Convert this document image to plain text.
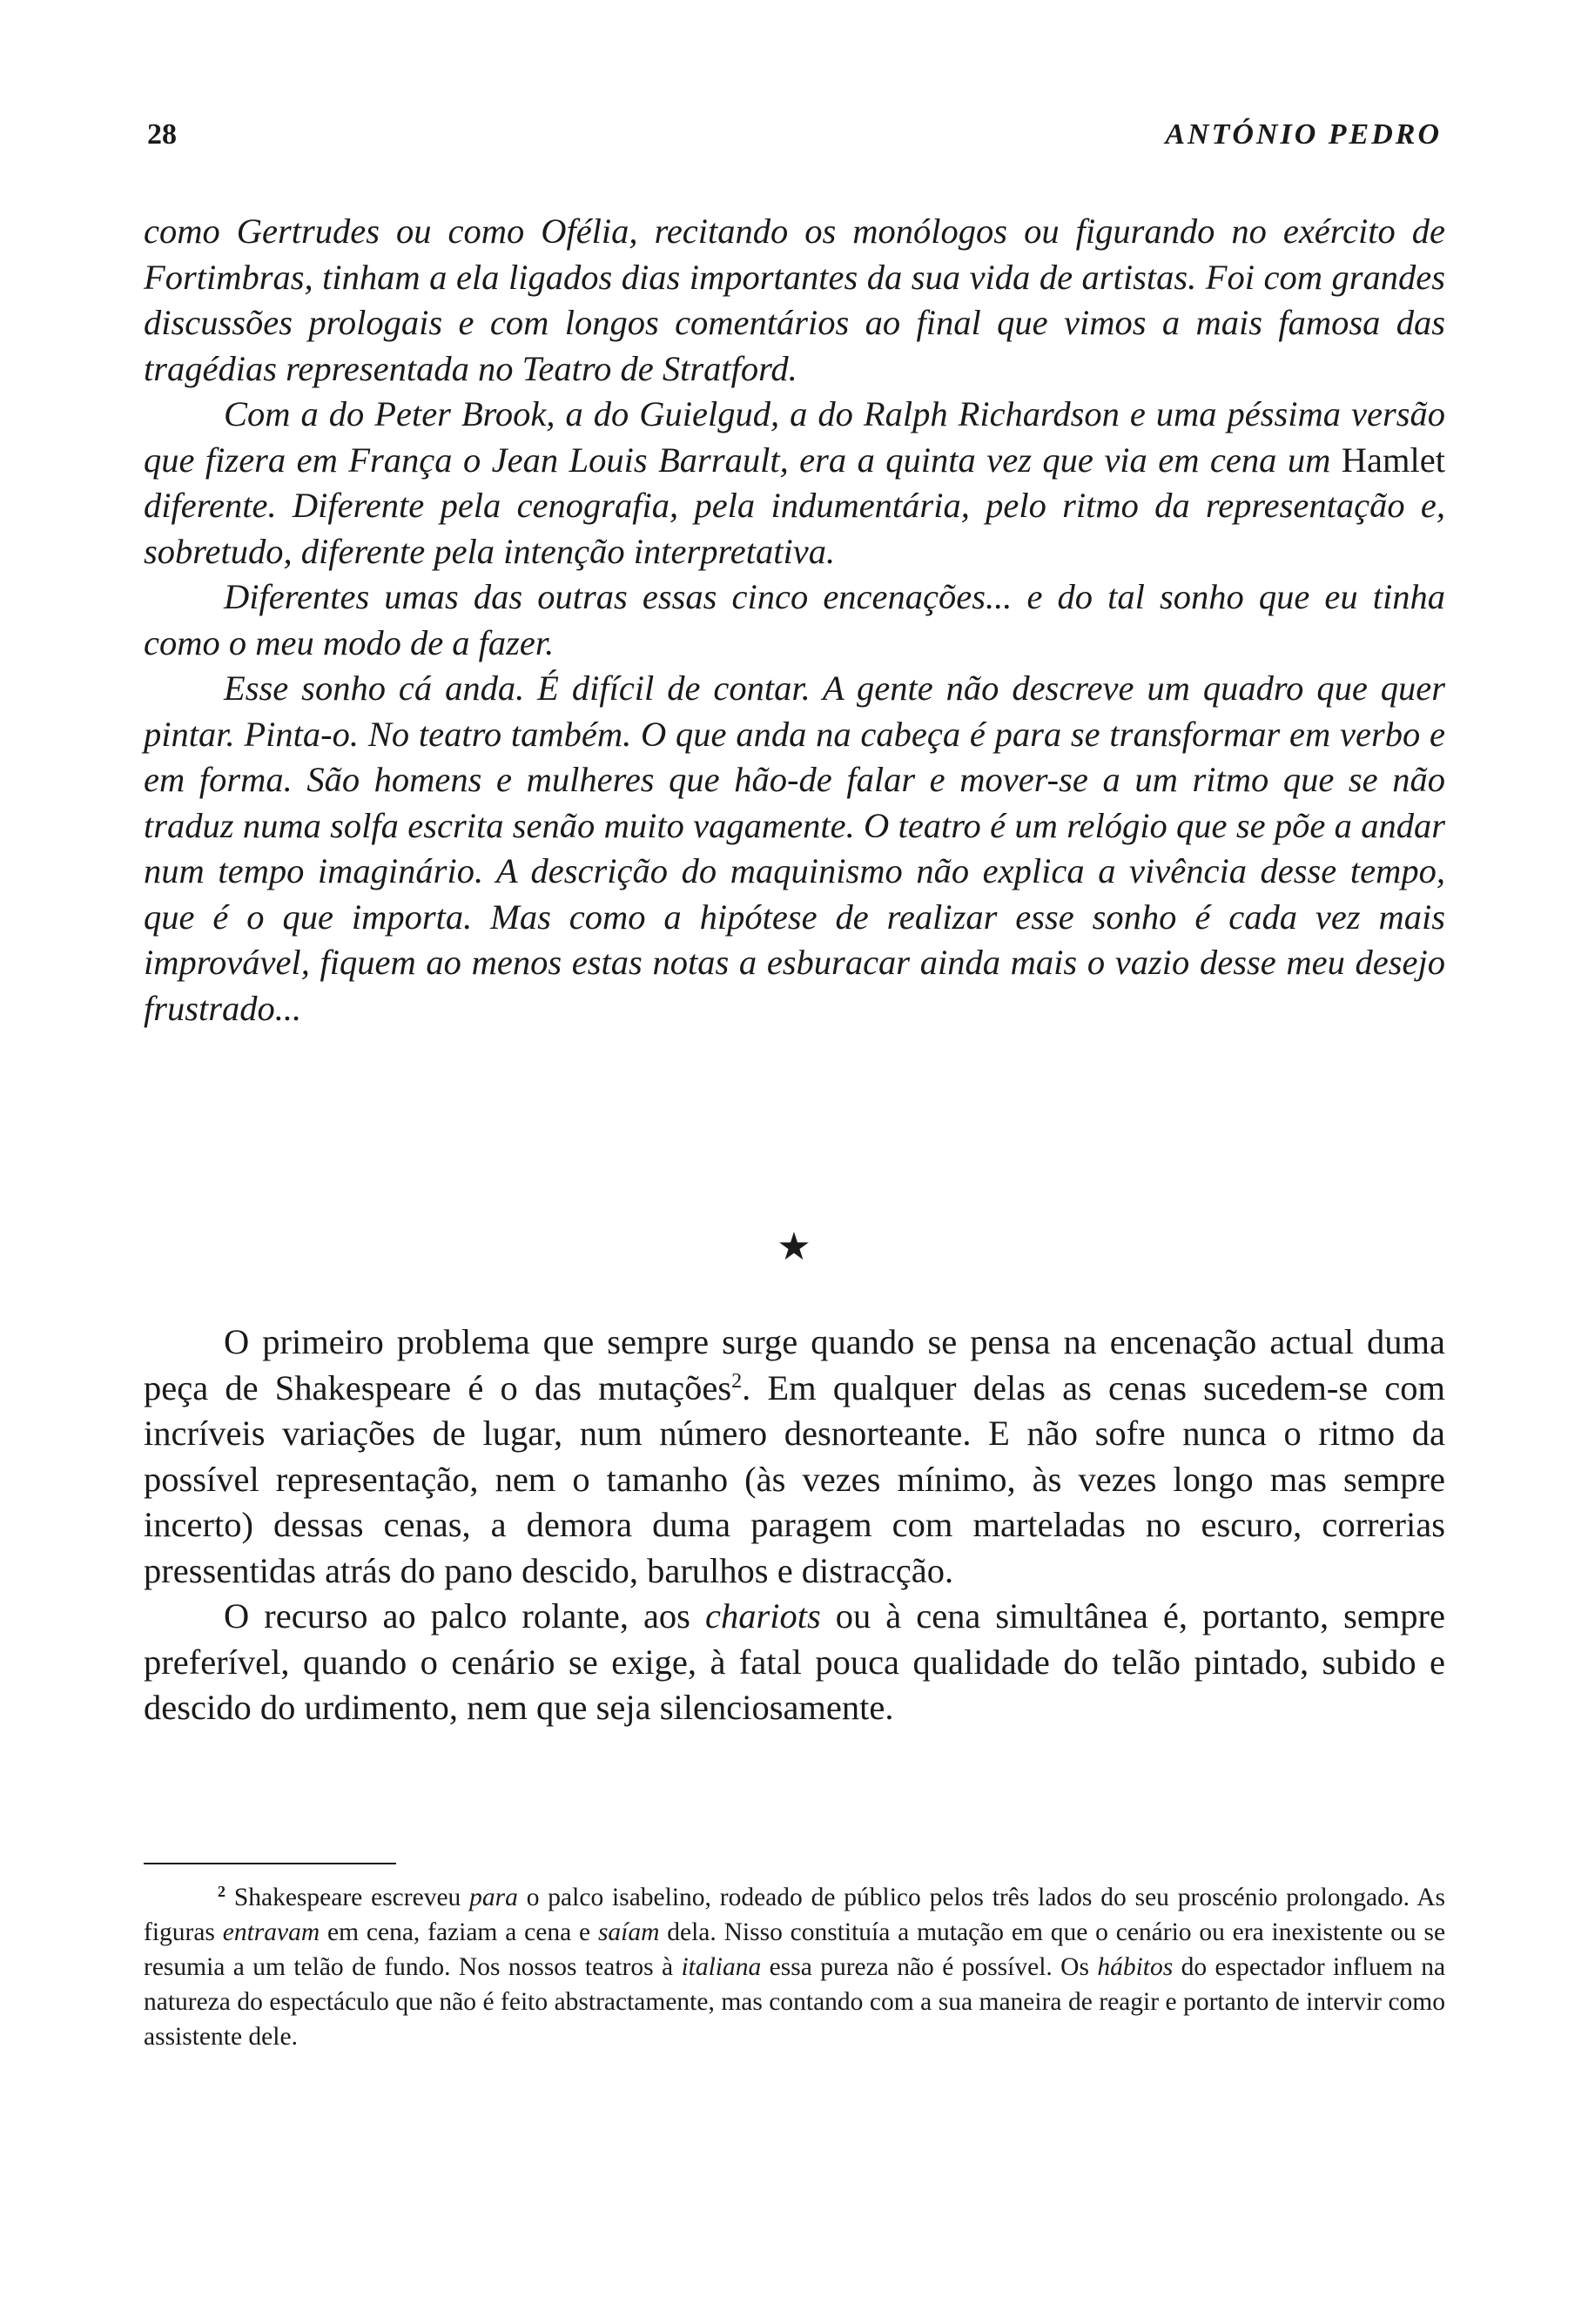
28	ANTÓNIO PEDRO

como Gertrudes ou como Ofélia, recitando os monólogos ou figurando no exército de Fortimbras, tinham a ela ligados dias importantes da sua vida de artistas. Foi com grandes discussões prologais e com longos comentários ao final que vimos a mais famosa das tragédias representada no Teatro de Stratford.

Com a do Peter Brook, a do Guielgud, a do Ralph Richardson e uma péssima versão que fizera em França o Jean Louis Barrault, era a quinta vez que via em cena um Hamlet diferente. Diferente pela cenografia, pela indumentária, pelo ritmo da representação e, sobretudo, diferente pela intenção interpretativa.

Diferentes umas das outras essas cinco encenações... e do tal sonho que eu tinha como o meu modo de a fazer.

Esse sonho cá anda. É difícil de contar. A gente não descreve um quadro que quer pintar. Pinta-o. No teatro também. O que anda na cabeça é para se transformar em verbo e em forma. São homens e mulheres que hão-de falar e mover-se a um ritmo que se não traduz numa solfa escrita senão muito vagamente. O teatro é um relógio que se põe a andar num tempo imaginário. A descrição do maquinismo não explica a vivência desse tempo, que é o que importa. Mas como a hipótese de realizar esse sonho é cada vez mais improvável, fiquem ao menos estas notas a esburacar ainda mais o vazio desse meu desejo frustrado...

★

O primeiro problema que sempre surge quando se pensa na encenação actual duma peça de Shakespeare é o das mutações$^2$. Em qualquer delas as cenas sucedem-se com incríveis variações de lugar, num número desnorteante. E não sofre nunca o ritmo da possível representação, nem o tamanho (às vezes mínimo, às vezes longo mas sempre incerto) dessas cenas, a demora duma paragem com marteladas no escuro, correrias pressentidas atrás do pano descido, barulhos e distracção.

O recurso ao palco rolante, aos chariots ou à cena simultânea é, portanto, sempre preferível, quando o cenário se exige, à fatal pouca qualidade do telão pintado, subido e descido do urdimento, nem que seja silenciosamente.

$^2$ Shakespeare escreveu para o palco isabelino, rodeado de público pelos três lados do seu proscénio prolongado. As figuras entravam em cena, faziam a cena e saíam dela. Nisso constituía a mutação em que o cenário ou era inexistente ou se resumia a um telão de fundo. Nos nossos teatros à italiana essa pureza não é possível. Os hábitos do espectador influem na natureza do espectáculo que não é feito abstractamente, mas contando com a sua maneira de reagir e portanto de intervir como assistente dele.
